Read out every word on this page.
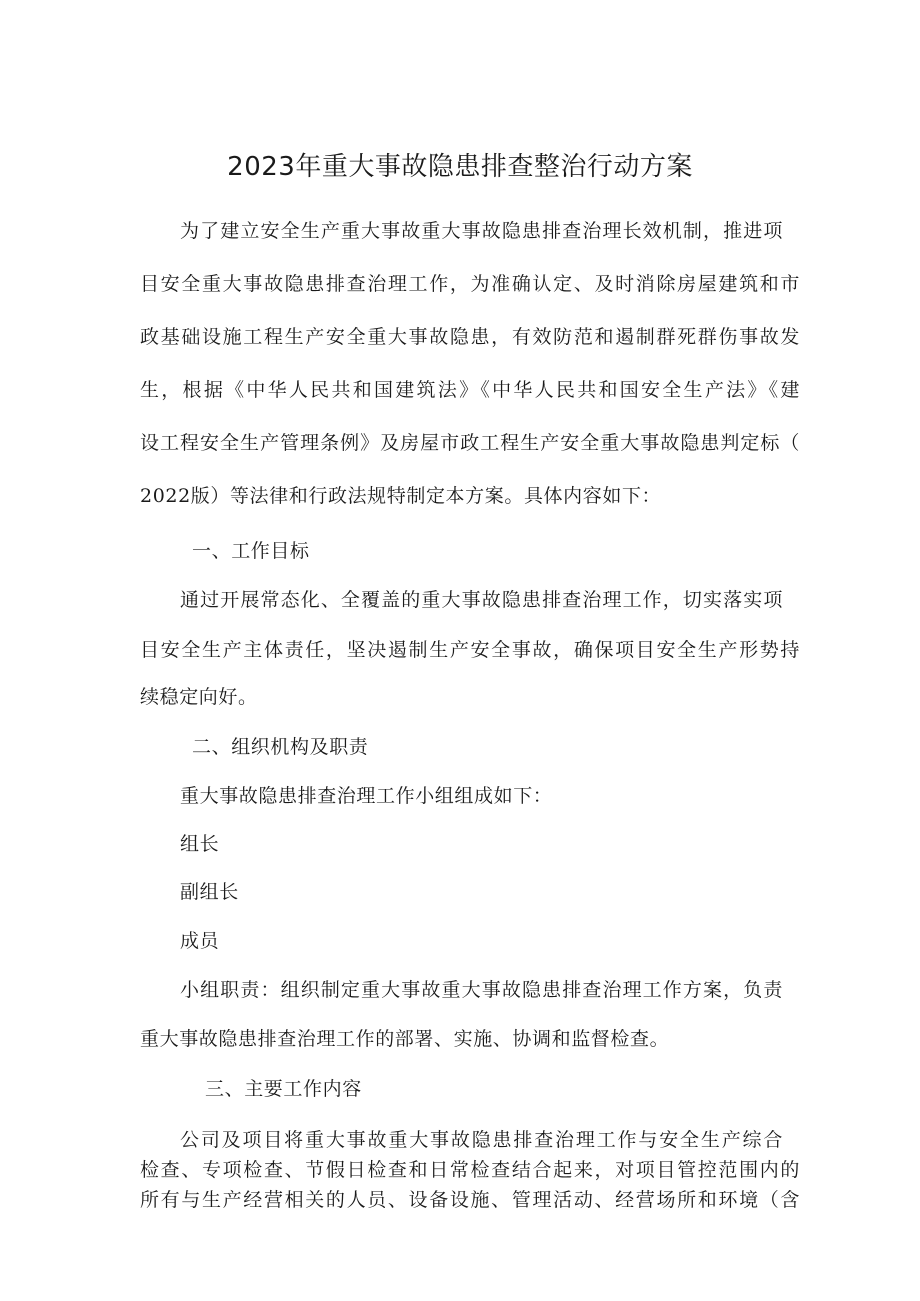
2023年重大事故隐患排查整治行动方案
为了建立安全生产重大事故重大事故隐患排查治理长效机制，推进项
目安全重大事故隐患排查治理工作，为准确认定、及时消除房屋建筑和市
政基础设施工程生产安全重大事故隐患，有效防范和遏制群死群伤事故发
生，根据《中华人民共和国建筑法》《中华人民共和国安全生产法》《建
设工程安全生产管理条例》及房屋市政工程生产安全重大事故隐患判定标（
2022版）等法律和行政法规特制定本方案。具体内容如下：
一、工作目标
通过开展常态化、全覆盖的重大事故隐患排查治理工作，切实落实项
目安全生产主体责任，坚决遏制生产安全事故，确保项目安全生产形势持
续稳定向好。
二、组织机构及职责
重大事故隐患排查治理工作小组组成如下：
组长
副组长
成员
小组职责：组织制定重大事故重大事故隐患排查治理工作方案，负责
重大事故隐患排查治理工作的部署、实施、协调和监督检查。
三、主要工作内容
公司及项目将重大事故重大事故隐患排查治理工作与安全生产综合
检查、专项检查、节假日检查和日常检查结合起来，对项目管控范围内的
所有与生产经营相关的人员、设备设施、管理活动、经营场所和环境（含
